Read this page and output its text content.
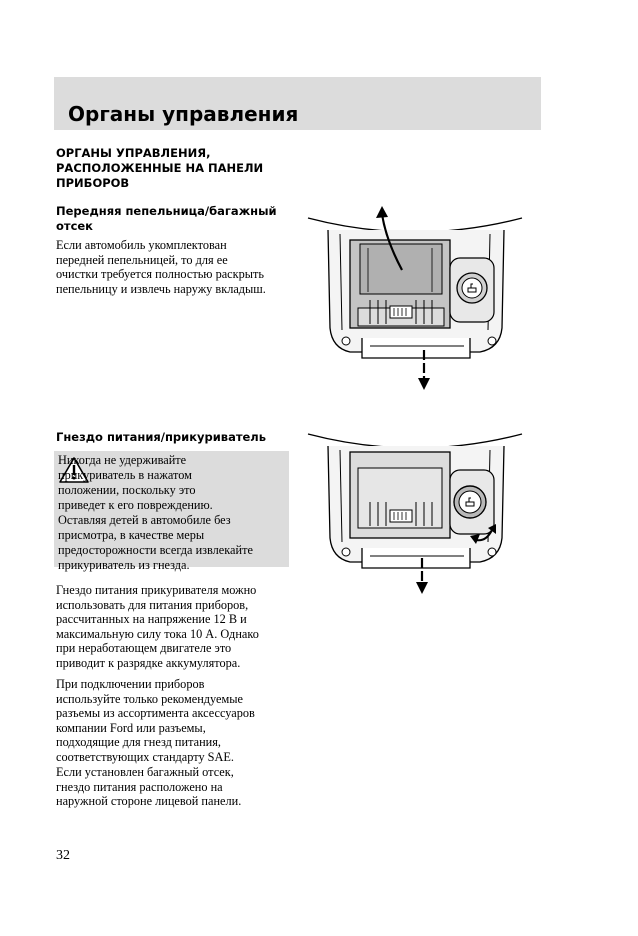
Органы управления

ОРГАНЫ УПРАВЛЕНИЯ,
РАСПОЛОЖЕННЫЕ НА ПАНЕЛИ
ПРИБОРОВ

Передняя пепельница/багажный
отсек

Если автомобиль укомплектован
передней пепельницей, то для ее
очистки требуется полностью раскрыть
пепельницу и извлечь наружу вкладыш.

Гнездо питания/прикуриватель

Никогда не удерживайте
прикуриватель в нажатом
положении, поскольку это
приведет к его повреждению.
Оставляя детей в автомобиле без
присмотра, в качестве меры
предосторожности всегда извлекайте
прикуриватель из гнезда.

Гнездо питания прикуривателя можно
использовать для питания приборов,
рассчитанных на напряжение 12 В и
максимальную силу тока 10 А. Однако
при неработающем двигателе это
приводит к разрядке аккумулятора.

При подключении приборов
используйте только рекомендуемые
разъемы из ассортимента аксессуаров
компании Ford или разъемы,
подходящие для гнезд питания,
соответствующих стандарту SAE.

Если установлен багажный отсек,
гнездо питания расположено на
наружной стороне лицевой панели.

32
